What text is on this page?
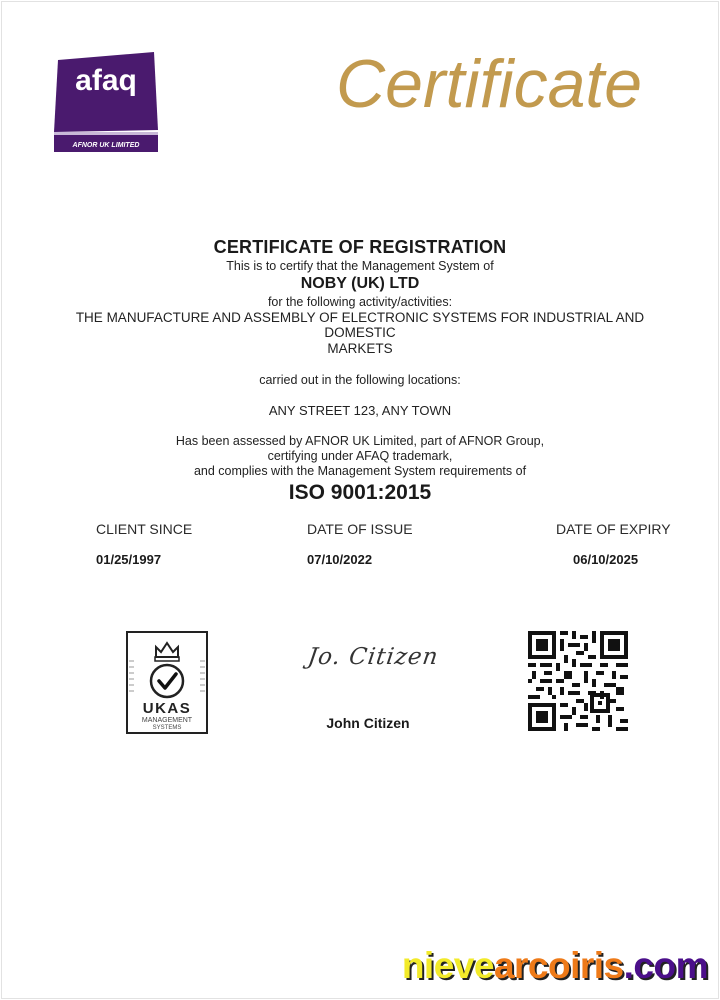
afaq
AFNOR UK LIMITED
Certificate
CERTIFICATE OF REGISTRATION
This is to certify that the Management System of
NOBY (UK) LTD
for the following activity/activities:
THE MANUFACTURE AND ASSEMBLY OF ELECTRONIC SYSTEMS FOR INDUSTRIAL AND
DOMESTIC
MARKETS
carried out in the following locations:
ANY STREET 123, ANY TOWN
Has been assessed by AFNOR UK Limited, part of AFNOR Group,
certifying under AFAQ trademark,
and complies with the Management System requirements of
ISO 9001:2015
CLIENT SINCE
01/25/1997
DATE OF ISSUE
07/10/2022
DATE OF EXPIRY
06/10/2025
UKAS
MANAGEMENT
SYSTEMS
Jo. Citizen
John Citizen
nievearcoiris.com
